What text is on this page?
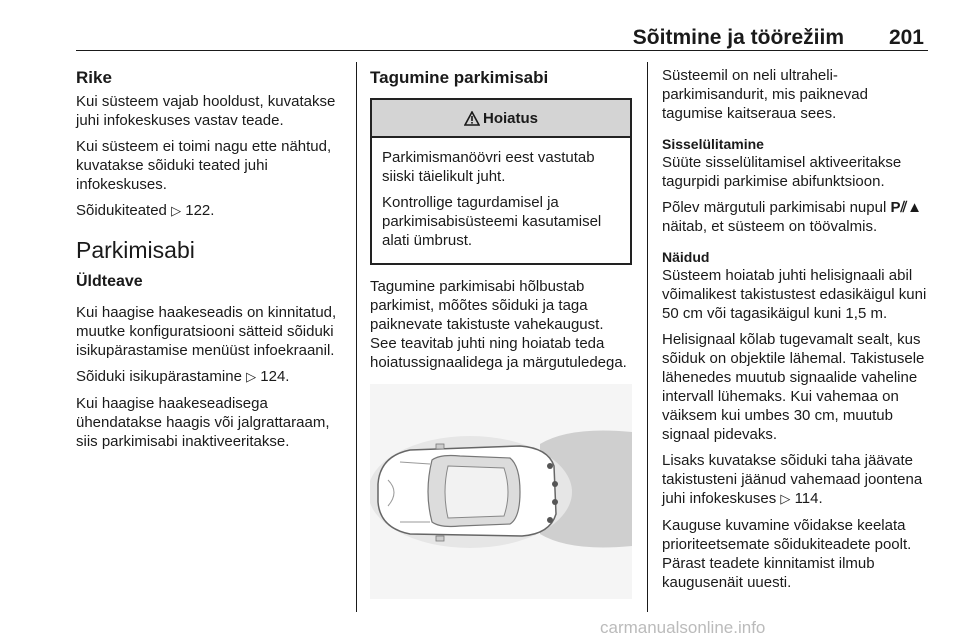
Sõitmine ja töörežiim 201
Rike

Kui süsteem vajab hooldust, kuvatakse juhi infokeskuses vastav teade.

Kui süsteem ei toimi nagu ette nähtud, kuvatakse sõiduki teated juhi infokeskuses.

Sõidukiteated ▷ 122.

Parkimisabi
Üldteave

Kui haagise haakeseadis on kinnitatud, muutke konfiguratsiooni sätteid sõiduki isikupärastamise menüüst infoekraanil.

Sõiduki isikupärastamine ▷ 124.

Kui haagise haakeseadisega ühendatakse haagis või jalgrattaraam, siis parkimisabi inaktiveeritakse.

Tagumine parkimisabi
Hoiatus

Parkimismanöövri eest vastutab siiski täielikult juht.

Kontrollige tagurdamisel ja parkimisabisüsteemi kasutamisel alati ümbrust.

Tagumine parkimisabi hõlbustab parkimist, mõõtes sõiduki ja taga paiknevate takistuste vahekaugust. See teavitab juhti ning hoiatab teda hoiatussignaalidega ja märgutuledega.

Süsteemil on neli ultraheli-parkimisandurit, mis paiknevad tagumise kaitseraua sees.

Sisselülitamine

Süüte sisselülitamisel aktiveeritakse tagurpidi parkimise abifunktsioon.

Põlev märgutuli parkimisabi nupul P⫽▲ näitab, et süsteem on töövalmis.

Näidud

Süsteem hoiatab juhti helisignaali abil võimalikest takistustest edasikäigul kuni 50 cm või tagasikäigul kuni 1,5 m.

Helisignaal kõlab tugevamalt sealt, kus sõiduk on objektile lähemal. Takistusele lähenedes muutub signaalide vaheline intervall lühemaks. Kui vahemaa on väiksem kui umbes 30 cm, muutub signaal pidevaks.

Lisaks kuvatakse sõiduki taha jäävate takistusteni jäänud vahemaad joontena juhi infokeskuses ▷ 114.

Kauguse kuvamine võidakse keelata prioriteetsemate sõidukiteadete poolt. Pärast teadete kinnitamist ilmub kaugusenäit uuesti.

carmanualsonline.info
